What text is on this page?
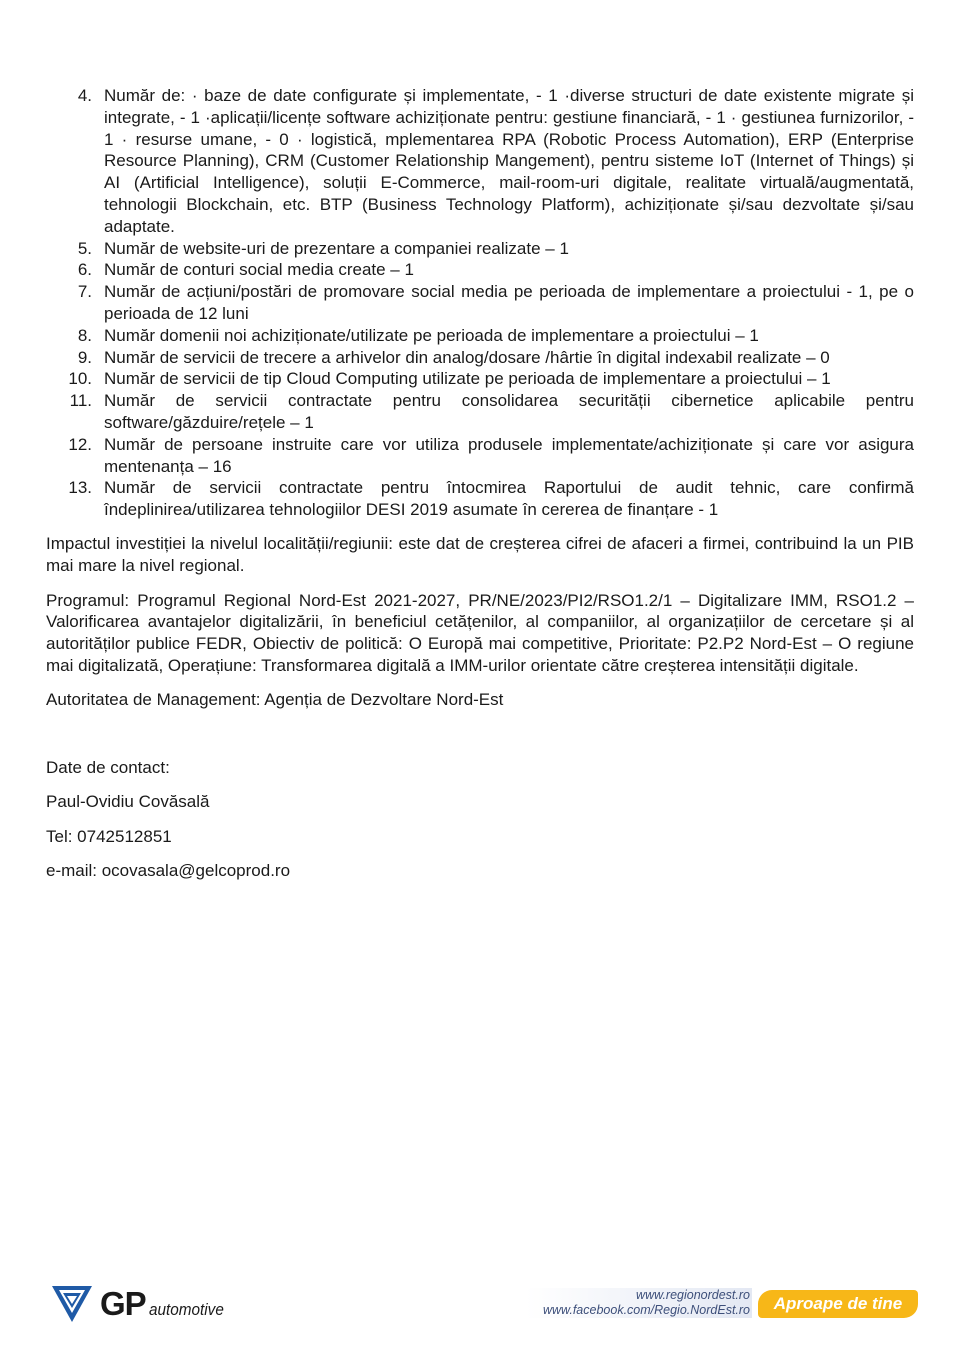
4. Număr de: · baze de date configurate și implementate, - 1 ·diverse structuri de date existente migrate și integrate, - 1 ·aplicații/licențe software achiziționate pentru: gestiune financiară, - 1 · gestiunea furnizorilor, - 1 · resurse umane, - 0 · logistică, mplementarea RPA (Robotic Process Automation), ERP (Enterprise Resource Planning), CRM (Customer Relationship Mangement), pentru sisteme IoT (Internet of Things) și AI (Artificial Intelligence), soluții E-Commerce, mail-room-uri digitale, realitate virtuală/augmentată, tehnologii Blockchain, etc. BTP (Business Technology Platform), achiziționate și/sau dezvoltate și/sau adaptate.
5. Număr de website-uri de prezentare a companiei realizate – 1
6. Număr de conturi social media create – 1
7. Număr de acțiuni/postări de promovare social media pe perioada de implementare a proiectului - 1, pe o perioada de 12 luni
8. Număr domenii noi achiziționate/utilizate pe perioada de implementare a proiectului – 1
9. Număr de servicii de trecere a arhivelor din analog/dosare /hârtie în digital indexabil realizate – 0
10. Număr de servicii de tip Cloud Computing utilizate pe perioada de implementare a proiectului – 1
11. Număr de servicii contractate pentru consolidarea securității cibernetice aplicabile pentru software/găzduire/rețele – 1
12. Număr de persoane instruite care vor utiliza produsele implementate/achiziționate și care vor asigura mentenanța – 16
13. Număr de servicii contractate pentru întocmirea Raportului de audit tehnic, care confirmă îndeplinirea/utilizarea tehnologiilor DESI 2019 asumate în cererea de finanțare - 1

Impactul investiției la nivelul localității/regiunii: este dat de creșterea cifrei de afaceri a firmei, contribuind la un PIB mai mare la nivel regional.

Programul: Programul Regional Nord-Est 2021-2027, PR/NE/2023/PI2/RSO1.2/1 – Digitalizare IMM, RSO1.2 – Valorificarea avantajelor digitalizării, în beneficiul cetățenilor, al companiilor, al organizațiilor de cercetare și al autorităților publice FEDR, Obiectiv de politică: O Europă mai competitive, Prioritate: P2.P2 Nord-Est – O regiune mai digitalizată, Operațiune: Transformarea digitală a IMM-urilor orientate către creșterea intensității digitale.

Autoritatea de Management: Agenția de Dezvoltare Nord-Est

Date de contact:

Paul-Ovidiu Covăsală

Tel: 0742512851

e-mail: ocovasala@gelcoprod.ro

GP automotive
www.regionordest.ro
www.facebook.com/Regio.NordEst.ro	Aproape de tine
